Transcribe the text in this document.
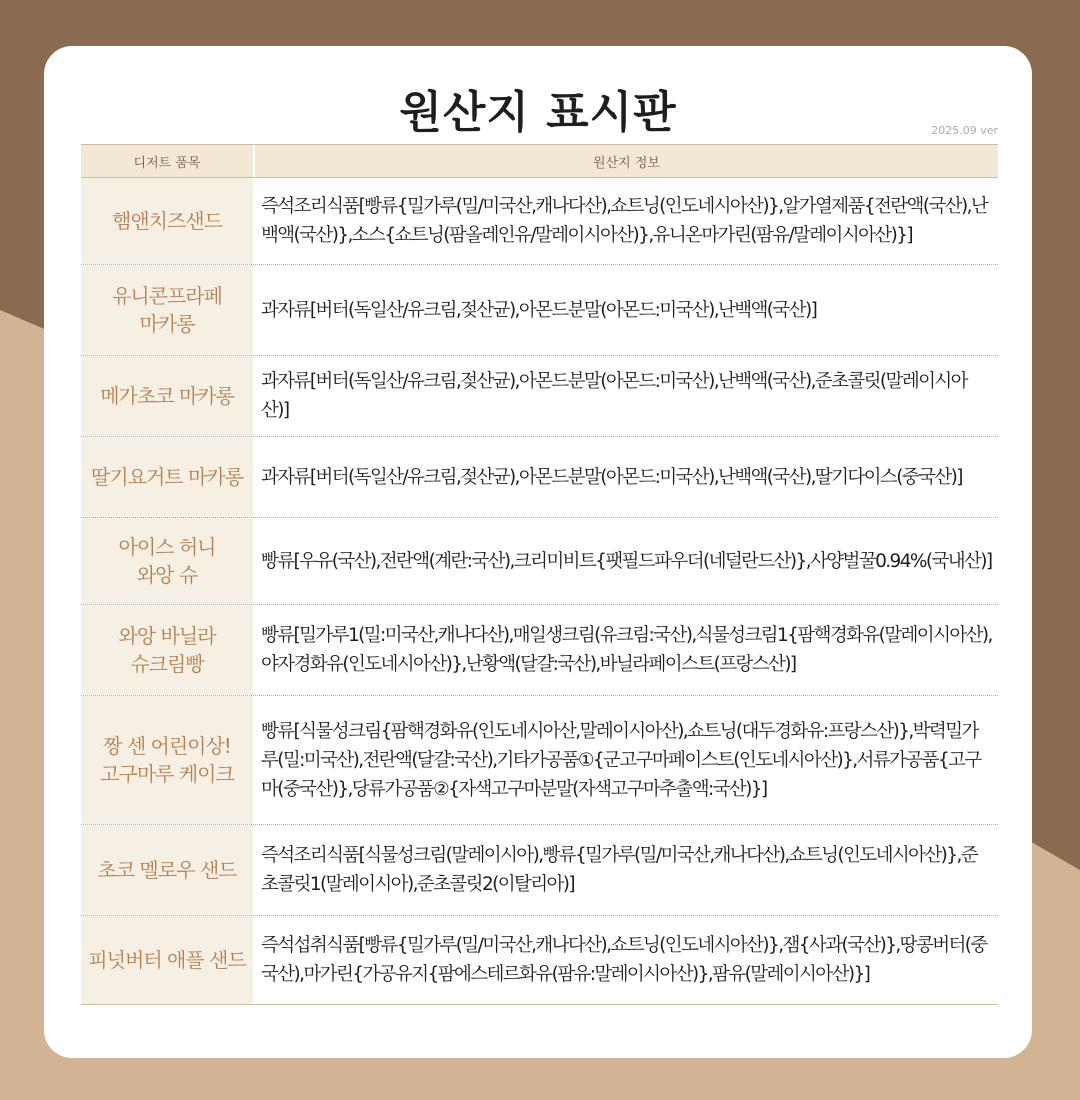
원산지 표시판	2025.09 ver
디저트 품목	원산지 정보
햄앤치즈샌드
즉석조리식품[빵류{밀가루(밀/미국산,캐나다산),쇼트닝(인도네시아산)},알가열제품{전란액(국산),난백액(국산)},소스{쇼트닝(팜올레인유/말레이시아산)},유니온마가린(팜유/말레이시아산)}]
유니콘프라페
마카롱
과자류[버터(독일산/유크림,젖산균),아몬드분말(아몬드:미국산),난백액(국산)]
메가초코 마카롱
과자류[버터(독일산/유크림,젖산균),아몬드분말(아몬드:미국산),난백액(국산),준초콜릿(말레이시아산)]
딸기요거트 마카롱 과자류[버터(독일산/유크림,젖산균),아몬드분말(아몬드:미국산),난백액(국산),딸기다이스(중국산)]
아이스 허니
와앙 슈
빵류[우유(국산),전란액(계란:국산),크리미비트{팻필드파우더(네덜란드산)},사양벌꿀0.94%(국내산)]
와앙 바닐라
슈크림빵
빵류[밀가루1(밀:미국산,캐나다산),매일생크림(유크림:국산),식물성크림1{팜핵경화유(말레이시아산),야자경화유(인도네시아산)},난황액(달걀:국산),바닐라페이스트(프랑스산)]
짱 센 어린이상!
고구마루 케이크
빵류[식물성크림{팜핵경화유(인도네시아산,말레이시아산),쇼트닝(대두경화유:프랑스산)},박력밀가루(밀:미국산),전란액(달걀:국산),기타가공품①{군고구마페이스트(인도네시아산)},서류가공품{고구마(중국산)},당류가공품②{자색고구마분말(자색고구마추출액:국산)}]
초코 멜로우 샌드
즉석조리식품[식물성크림(말레이시아),빵류{밀가루(밀/미국산,캐나다산),쇼트닝(인도네시아산)},준초콜릿1(말레이시아),준초콜릿2(이탈리아)]
피넛버터 애플 샌드
즉석섭취식품[빵류{밀가루(밀/미국산,캐나다산),쇼트닝(인도네시아산)},잼{사과(국산)},땅콩버터(중국산),마가린{가공유지{팜에스테르화유(팜유:말레이시아산)},팜유(말레이시아산)}]
